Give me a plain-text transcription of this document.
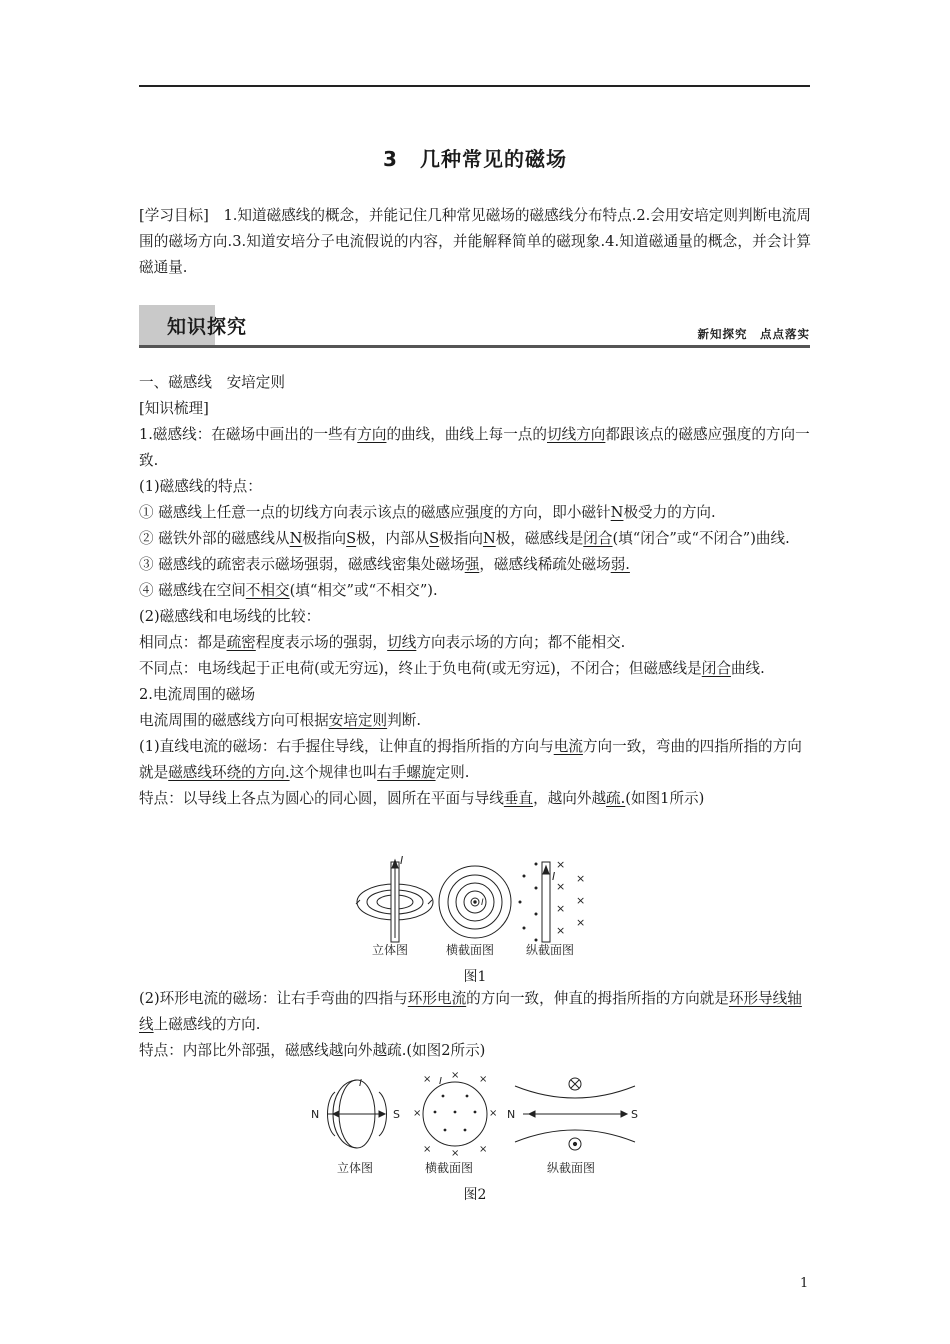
3 几种常见的磁场
[学习目标]　1.知道磁感线的概念，并能记住几种常见磁场的磁感线分布特点.2.会用安培定则判断电流周围的磁场方向.3.知道安培分子电流假说的内容，并能解释简单的磁现象.4.知道磁通量的概念，并会计算磁通量.
知识探究	新知探究　点点落实

一、磁感线　安培定则

[知识梳理]

1.磁感线：在磁场中画出的一些有方向的曲线，曲线上每一点的切线方向都跟该点的磁感应强度的方向一致.

(1)磁感线的特点：

① 磁感线上任意一点的切线方向表示该点的磁感应强度的方向，即小磁针N极受力的方向.

② 磁铁外部的磁感线从N极指向S极，内部从S极指向N极，磁感线是闭合(填“闭合”或“不闭合”)曲线.

③ 磁感线的疏密表示磁场强弱，磁感线密集处磁场强，磁感线稀疏处磁场弱.

④ 磁感线在空间不相交(填“相交”或“不相交”).

(2)磁感线和电场线的比较：

相同点：都是疏密程度表示场的强弱，切线方向表示场的方向；都不能相交.

不同点：电场线起于正电荷(或无穷远)，终止于负电荷(或无穷远)，不闭合；但磁感线是闭合曲线.

2.电流周围的磁场

电流周围的磁感线方向可根据安培定则判断.

(1)直线电流的磁场：右手握住导线，让伸直的拇指所指的方向与电流方向一致，弯曲的四指所指的方向就是磁感线环绕的方向.这个规律也叫右手螺旋定则.

特点：以导线上各点为圆心的同心圆，圆所在平面与导线垂直，越向外越疏.(如图1所示)

I
I
I
×
×
×
×
×
×
×
立体图	横截面图	纵截面图
图1

(2)环形电流的磁场：让右手弯曲的四指与环形电流的方向一致，伸直的拇指所指的方向就是环形导线轴线上磁感线的方向.

特点：内部比外部强，磁感线越向外越疏.(如图2所示)

N	S
I	× × ×
×	×
× × ×
I
N	S
立体图	横截面图	纵截面图
图2
1
